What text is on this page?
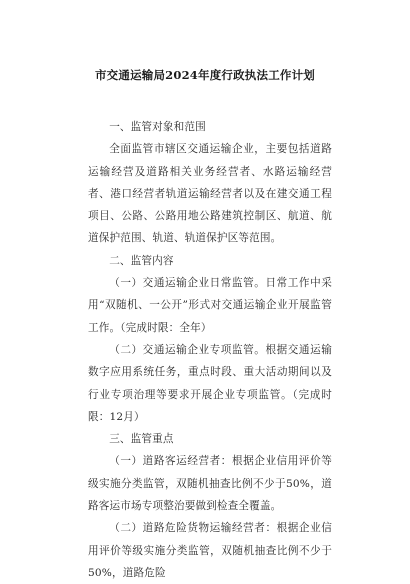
市交通运输局2024年度行政执法工作计划

一、监管对象和范围

全面监管市辖区交通运输企业，主要包括道路运输经营及道路相关业务经营者、水路运输经营者、港口经营者轨道运输经营者以及在建交通工程项目、公路、公路用地公路建筑控制区、航道、航道保护范围、轨道、轨道保护区等范围。

二、监管内容

（一）交通运输企业日常监管。日常工作中采用“双随机、一公开”形式对交通运输企业开展监管工作。（完成时限：全年）

（二）交通运输企业专项监管。根据交通运输数字应用系统任务，重点时段、重大活动期间以及行业专项治理等要求开展企业专项监管。（完成时限：12月）

三、监管重点

（一）道路客运经营者：根据企业信用评价等级实施分类监管，双随机抽查比例不少于50%，道路客运市场专项整治要做到检查全覆盖。

（二）道路危险货物运输经营者：根据企业信用评价等级实施分类监管，双随机抽查比例不少于50%，道路危险
